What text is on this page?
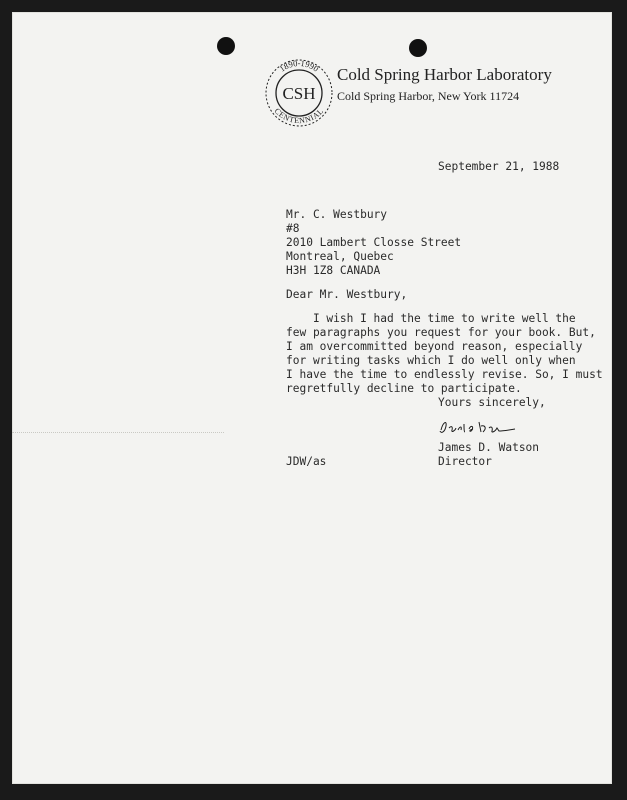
1890-1990
CSH
CENTENNIAL
Cold Spring Harbor Laboratory
Cold Spring Harbor, New York 11724
September 21, 1988
Mr. C. Westbury
#8
2010 Lambert Closse Street
Montreal, Quebec
H3H 1Z8 CANADA
Dear Mr. Westbury,
I wish I had the time to write well the
few paragraphs you request for your book. But,
I am overcommitted beyond reason, especially
for writing tasks which I do well only when
I have the time to endlessly revise. So, I must
regretfully decline to participate.
Yours sincerely,
James D. Watson
Director
JDW/as
